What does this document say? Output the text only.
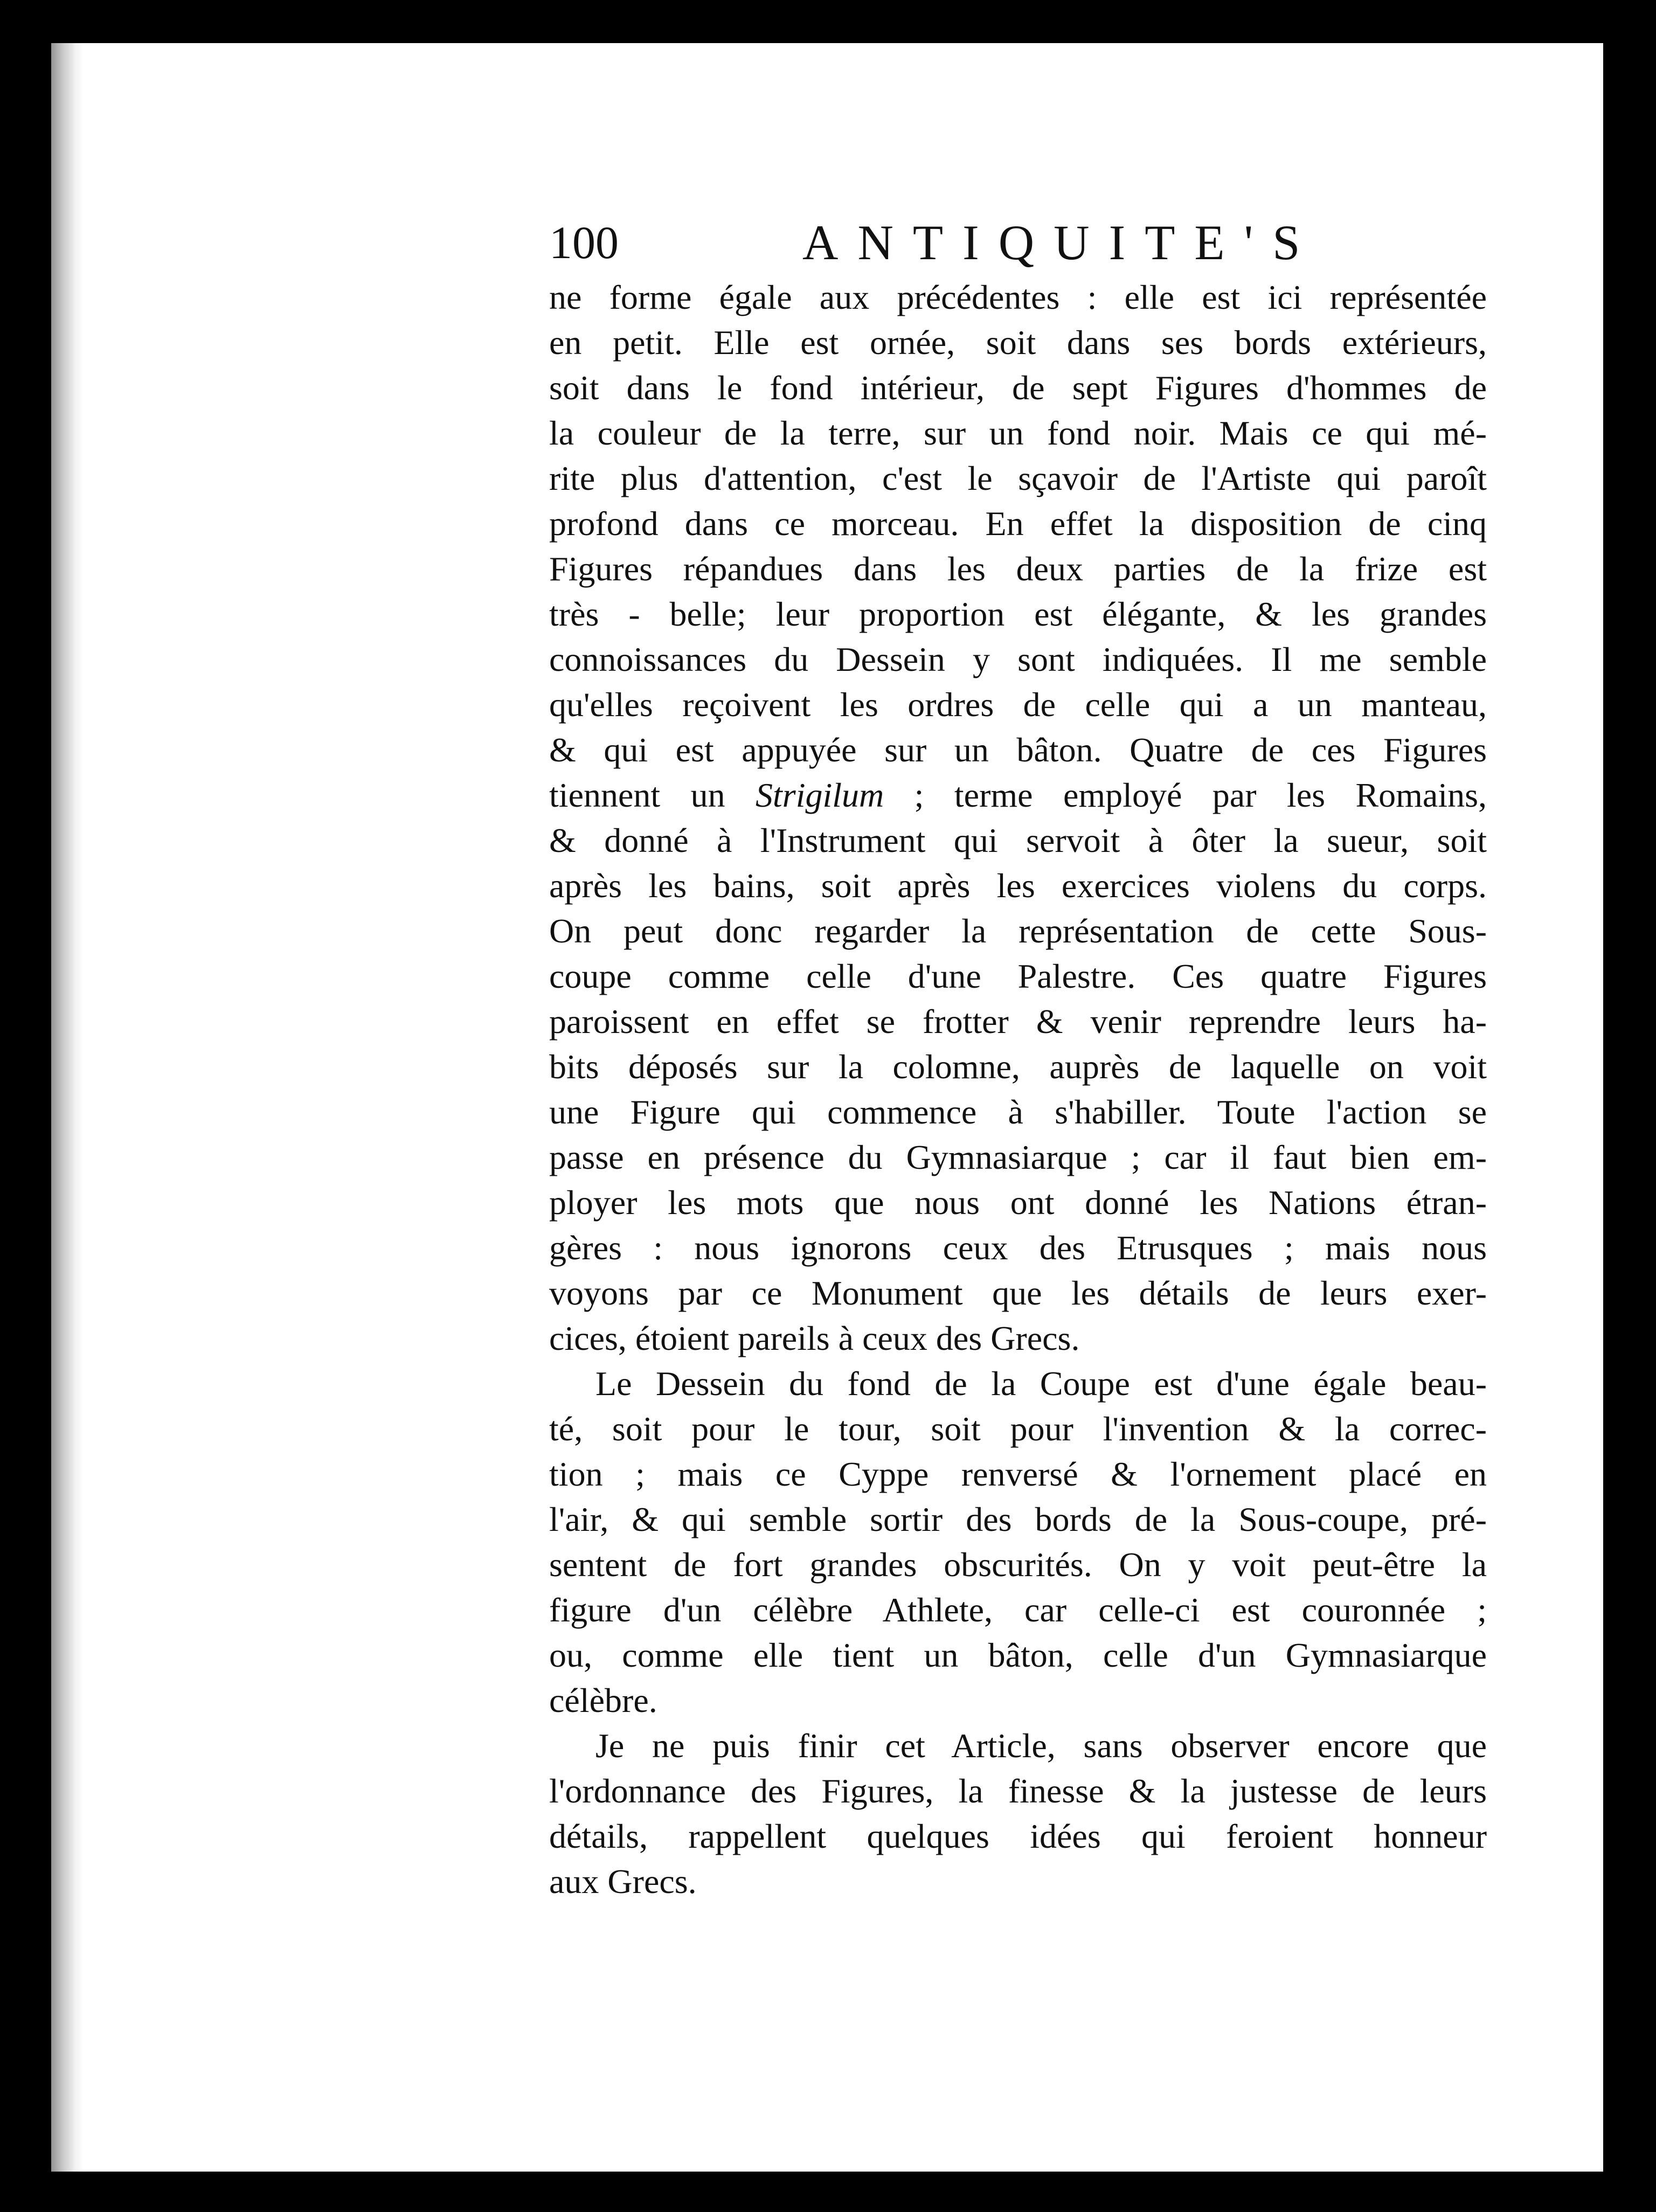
100	ANTIQUITE'S
ne forme égale aux précédentes : elle est ici représentée
en petit. Elle est ornée, soit dans ses bords extérieurs,
soit dans le fond intérieur, de sept Figures d'hommes de
la couleur de la terre, sur un fond noir. Mais ce qui mé-
rite plus d'attention, c'est le sçavoir de l'Artiste qui paroît
profond dans ce morceau. En effet la disposition de cinq
Figures répandues dans les deux parties de la frize est
très - belle; leur proportion est élégante, & les grandes
connoissances du Dessein y sont indiquées. Il me semble
qu'elles reçoivent les ordres de celle qui a un manteau,
& qui est appuyée sur un bâton. Quatre de ces Figures
tiennent un Strigilum ; terme employé par les Romains,
& donné à l'Instrument qui servoit à ôter la sueur, soit
après les bains, soit après les exercices violens du corps.
On peut donc regarder la représentation de cette Sous-
coupe comme celle d'une Palestre. Ces quatre Figures
paroissent en effet se frotter & venir reprendre leurs ha-
bits déposés sur la colomne, auprès de laquelle on voit
une Figure qui commence à s'habiller. Toute l'action se
passe en présence du Gymnasiarque ; car il faut bien em-
ployer les mots que nous ont donné les Nations étran-
gères : nous ignorons ceux des Etrusques ; mais nous
voyons par ce Monument que les détails de leurs exer-
cices, étoient pareils à ceux des Grecs.
Le Dessein du fond de la Coupe est d'une égale beau-
té, soit pour le tour, soit pour l'invention & la correc-
tion ; mais ce Cyppe renversé & l'ornement placé en
l'air, & qui semble sortir des bords de la Sous-coupe, pré-
sentent de fort grandes obscurités. On y voit peut-être la
figure d'un célèbre Athlete, car celle-ci est couronnée ;
ou, comme elle tient un bâton, celle d'un Gymnasiarque
célèbre.
Je ne puis finir cet Article, sans observer encore que
l'ordonnance des Figures, la finesse & la justesse de leurs
détails, rappellent quelques idées qui feroient honneur
aux Grecs.
